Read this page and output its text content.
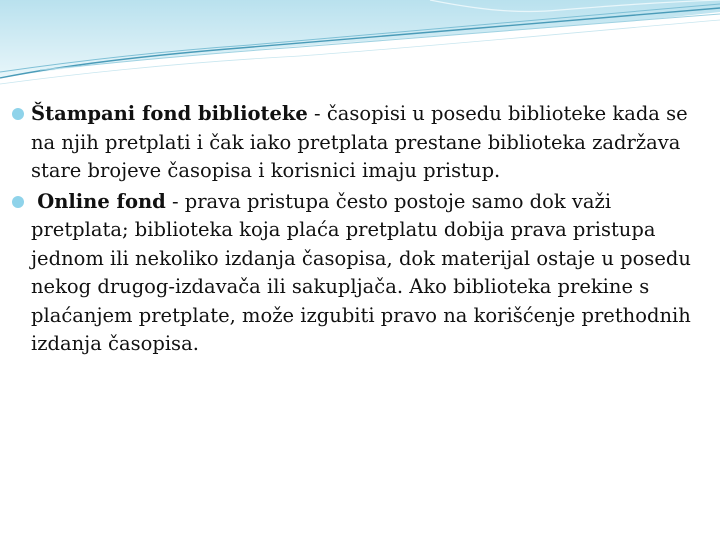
Štampani fond biblioteke - časopisi u posedu biblioteke kada se na njih pretplati i čak iako pretplata prestane biblioteka zadržava stare brojeve časopisa i korisnici imaju pristup.

Online fond - prava pristupa često postoje samo dok važi pretplata; biblioteka koja plaća pretplatu dobija prava pristupa jednom ili nekoliko izdanja časopisa, dok materijal ostaje u posedu nekog drugog-izdavača ili sakupljača. Ako biblioteka prekine s plaćanjem pretplate, može izgubiti pravo na korišćenje prethodnih izdanja časopisa.
